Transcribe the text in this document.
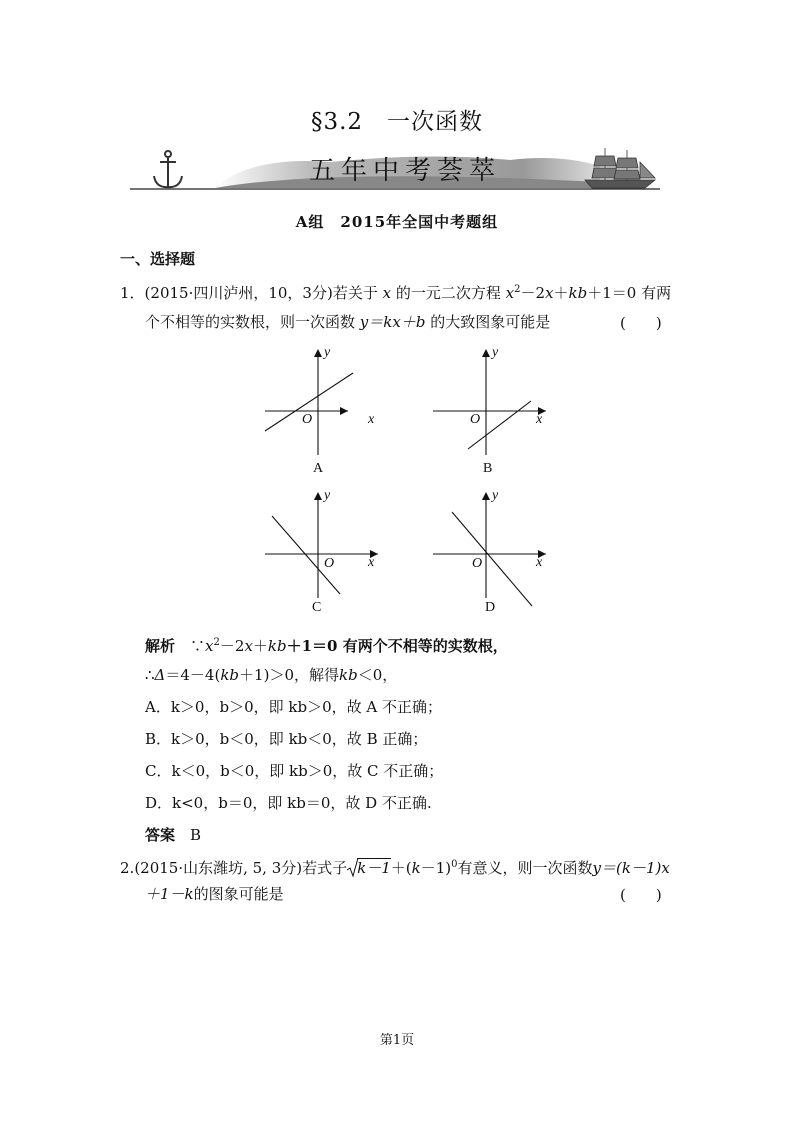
§3.2　一次函数
五年中考荟萃
A组　2015年全国中考题组
一、选择题
1．(2015·四川泸州，10，3分)若关于 x 的一元二次方程 $x^2-2x+kb+1=0$ 有两
个不相等的实数根，则一次函数 y＝kx＋b 的大致图象可能是	(　　)
y
x
O
A
y
x
O
B
y
x
O
C
y
x
O
D
解析　 $\because x^2-2x+kb+1=0$ 有两个不相等的实数根，
∴Δ＝4－4(kb＋1)＞0，解得kb＜0，
A．k＞0，b＞0，即 kb＞0，故 A 不正确；
B．k＞0，b＜0，即 kb＜0，故 B 正确；
C．k＜0，b＜0，即 kb＞0，故 C 不正确；
D．k<0，b＝0，即 kb＝0，故 D 不正确.
答案　 B
2.(2015·山东潍坊, 5, 3分)若式子 $k-1+(k-1)^0$有意义，则一次函数y＝(k－1)x
＋1－k的图象可能是	(　　)
第1页
